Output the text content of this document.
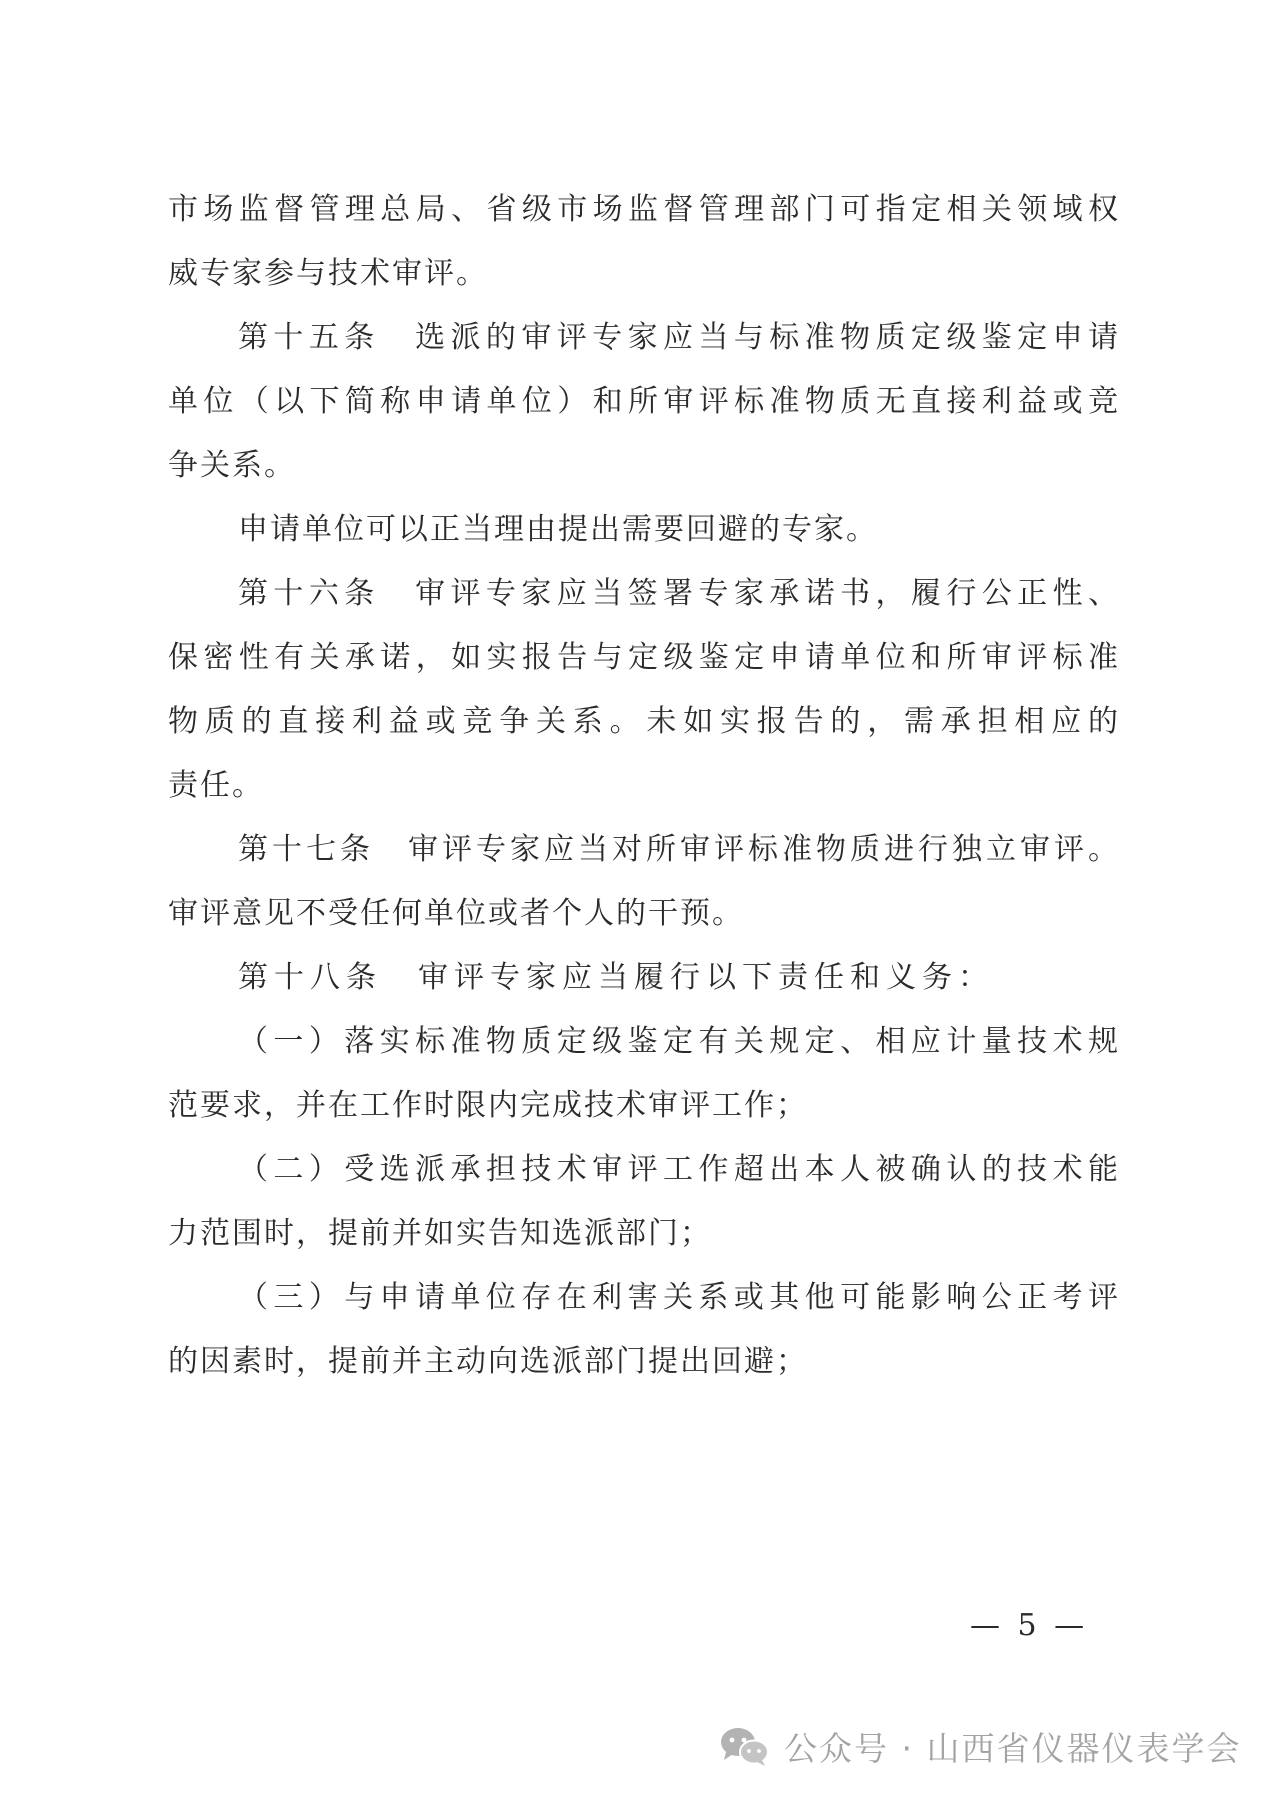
市场监督管理总局、省级市场监督管理部门可指定相关领域权
威专家参与技术审评。
第十五条　选派的审评专家应当与标准物质定级鉴定申请
单位（以下简称申请单位）和所审评标准物质无直接利益或竞
争关系。
申请单位可以正当理由提出需要回避的专家。
第十六条　审评专家应当签署专家承诺书，履行公正性、
保密性有关承诺，如实报告与定级鉴定申请单位和所审评标准
物质的直接利益或竞争关系。未如实报告的，需承担相应的
责任。
第十七条　审评专家应当对所审评标准物质进行独立审评。
审评意见不受任何单位或者个人的干预。
第十八条　审评专家应当履行以下责任和义务：
（一）落实标准物质定级鉴定有关规定、相应计量技术规
范要求，并在工作时限内完成技术审评工作；
（二）受选派承担技术审评工作超出本人被确认的技术能
力范围时，提前并如实告知选派部门；
（三）与申请单位存在利害关系或其他可能影响公正考评
的因素时，提前并主动向选派部门提出回避；
— 5 —
公众号 · 山西省仪器仪表学会
